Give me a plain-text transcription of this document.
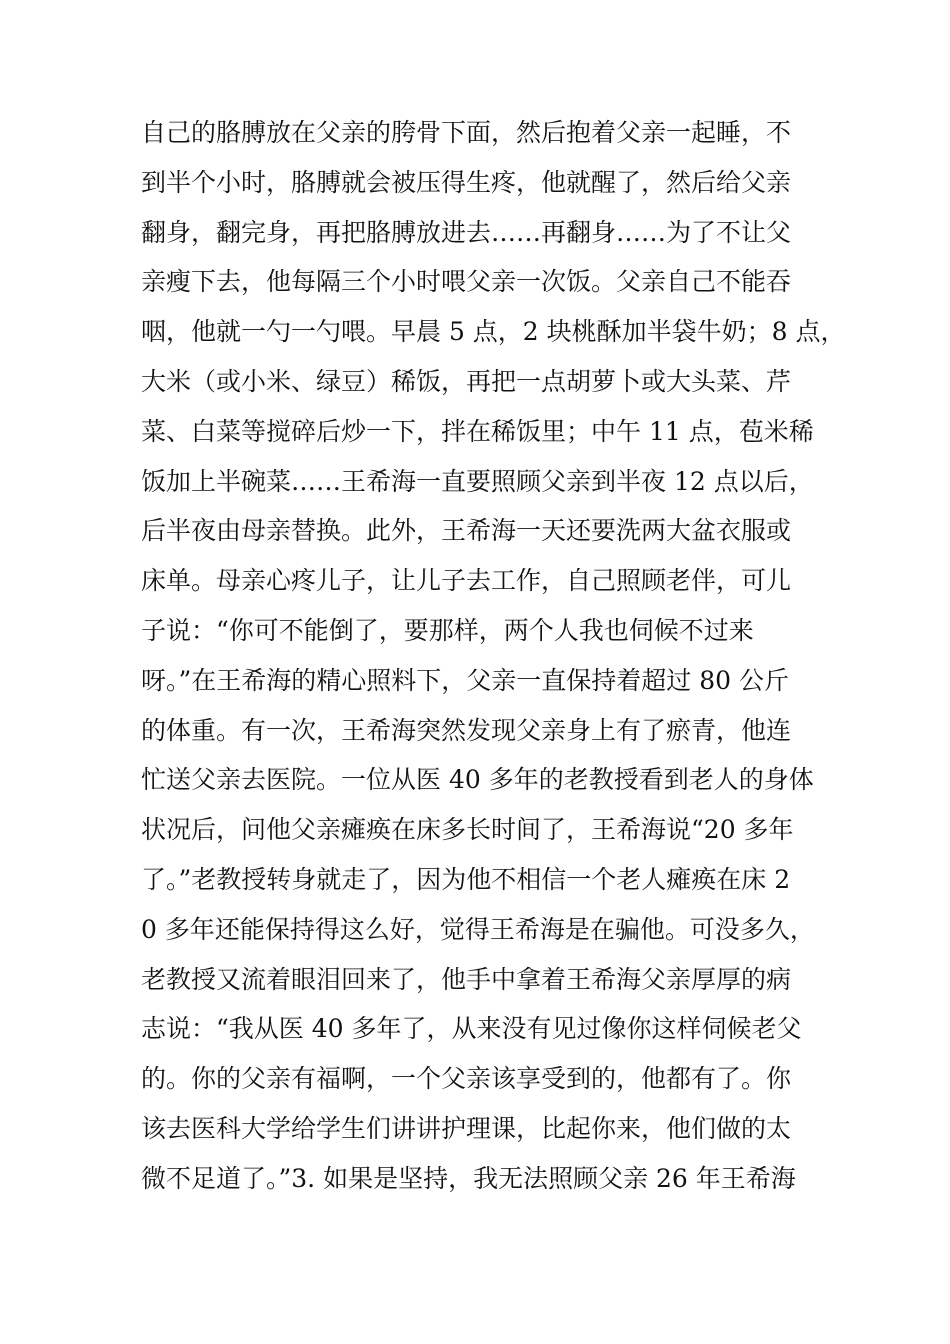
自己的胳膊放在父亲的胯骨下面，然后抱着父亲一起睡，不
到半个小时，胳膊就会被压得生疼，他就醒了，然后给父亲
翻身，翻完身，再把胳膊放进去……再翻身……为了不让父
亲瘦下去，他每隔三个小时喂父亲一次饭。父亲自己不能吞
咽，他就一勺一勺喂。早晨 5 点，2 块桃酥加半袋牛奶；8 点，
大米（或小米、绿豆）稀饭，再把一点胡萝卜或大头菜、芹
菜、白菜等搅碎后炒一下，拌在稀饭里；中午 11 点，苞米稀
饭加上半碗菜……王希海一直要照顾父亲到半夜 12 点以后，
后半夜由母亲替换。此外，王希海一天还要洗两大盆衣服或
床单。母亲心疼儿子，让儿子去工作，自己照顾老伴，可儿
子说：“你可不能倒了，要那样，两个人我也伺候不过来
呀。”在王希海的精心照料下，父亲一直保持着超过 80 公斤
的体重。有一次，王希海突然发现父亲身上有了瘀青，他连
忙送父亲去医院。一位从医 40 多年的老教授看到老人的身体
状况后，问他父亲瘫痪在床多长时间了，王希海说“20 多年
了。”老教授转身就走了，因为他不相信一个老人瘫痪在床 2
0 多年还能保持得这么好，觉得王希海是在骗他。可没多久，
老教授又流着眼泪回来了，他手中拿着王希海父亲厚厚的病
志说：“我从医 40 多年了，从来没有见过像你这样伺候老父
的。你的父亲有福啊，一个父亲该享受到的，他都有了。你
该去医科大学给学生们讲讲护理课，比起你来，他们做的太
微不足道了。”3. 如果是坚持，我无法照顾父亲 26 年王希海
